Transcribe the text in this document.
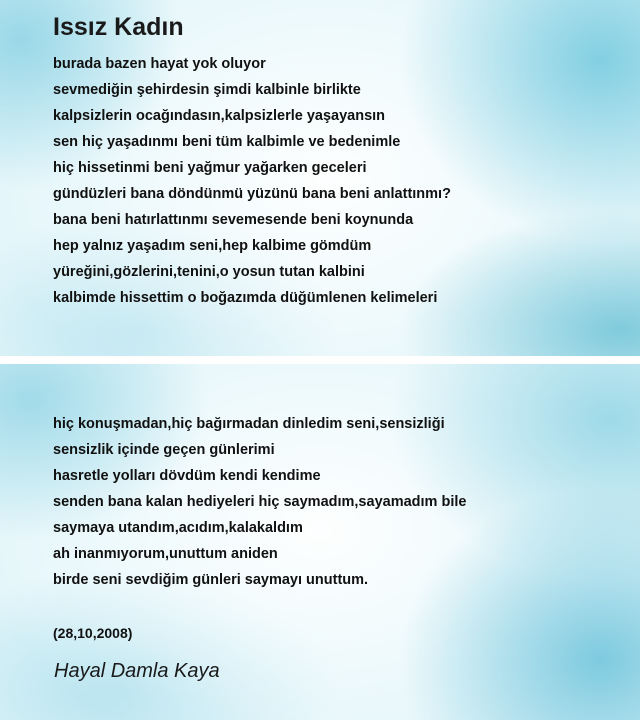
Issız Kadın
burada bazen hayat yok oluyor
sevmediğin şehirdesin şimdi kalbinle birlikte
kalpsizlerin ocağındasın,kalpsizlerle yaşayansın
sen hiç yaşadınmı beni tüm kalbimle ve bedenimle
hiç hissetinmi beni yağmur yağarken geceleri
gündüzleri bana döndünmü yüzünü bana beni anlattınmı?
bana beni hatırlattınmı sevemesende beni koynunda
hep yalnız yaşadım seni,hep kalbime gömdüm
yüreğini,gözlerini,tenini,o yosun tutan kalbini
kalbimde hissettim o boğazımda düğümlenen kelimeleri
hiç konuşmadan,hiç bağırmadan dinledim seni,sensizliği
sensizlik içinde geçen günlerimi
hasretle yolları dövdüm kendi kendime
senden bana kalan hediyeleri hiç saymadım,sayamadım bile
saymaya utandım,acıdım,kalakaldım
ah inanmıyorum,unuttum aniden
birde seni sevdiğim günleri saymayı unuttum.

(28,10,2008)

Hayal Damla Kaya
